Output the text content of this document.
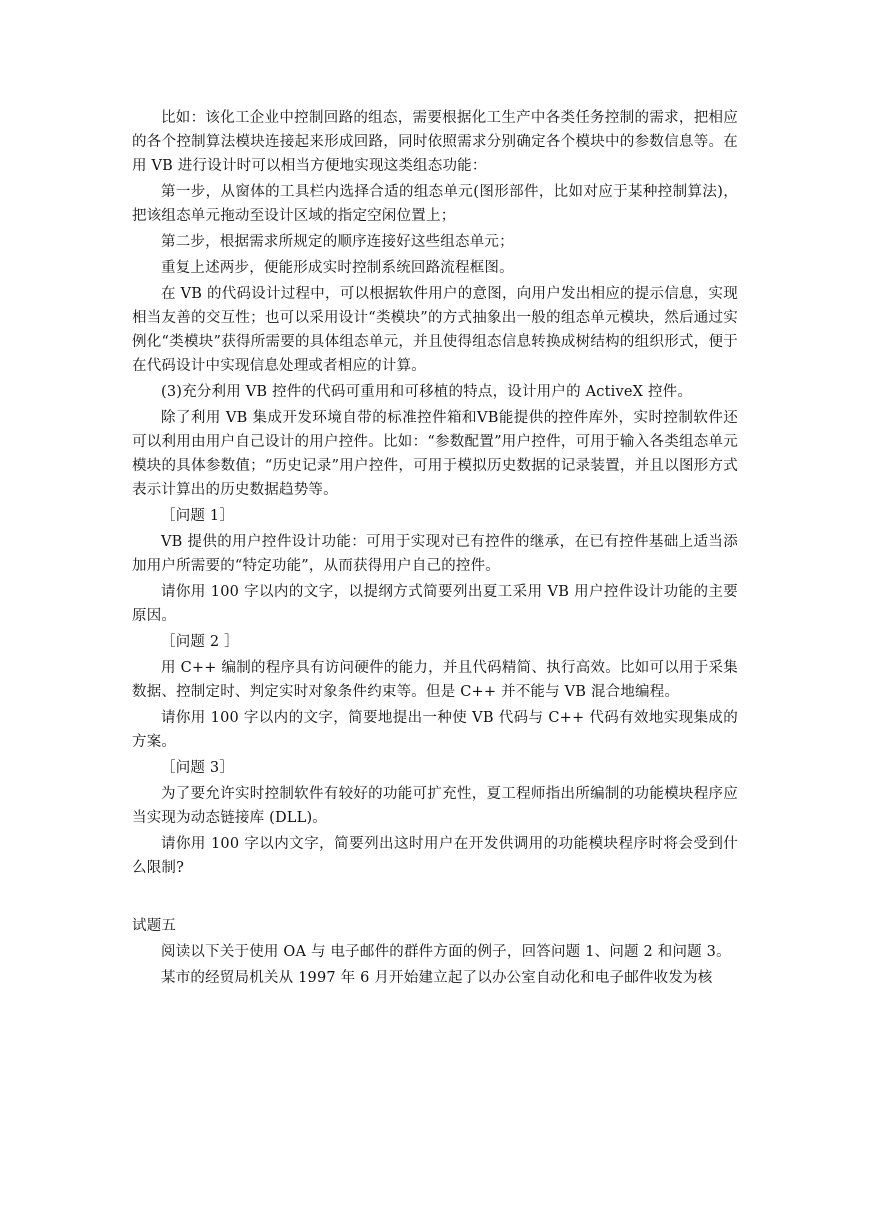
比如：该化工企业中控制回路的组态，需要根据化工生产中各类任务控制的需求，把相应的各个控制算法模块连接起来形成回路，同时依照需求分别确定各个模块中的参数信息等。在用 VB 进行设计时可以相当方便地实现这类组态功能：

第一步，从窗体的工具栏内选择合适的组态单元(图形部件，比如对应于某种控制算法)，把该组态单元拖动至设计区域的指定空闲位置上；

第二步，根据需求所规定的顺序连接好这些组态单元；

重复上述两步，便能形成实时控制系统回路流程框图。

在 VB 的代码设计过程中，可以根据软件用户的意图，向用户发出相应的提示信息，实现相当友善的交互性；也可以采用设计“类模块”的方式抽象出一般的组态单元模块，然后通过实例化“类模块”获得所需要的具体组态单元，并且使得组态信息转换成树结构的组织形式，便于在代码设计中实现信息处理或者相应的计算。

(3)充分利用 VB 控件的代码可重用和可移植的特点，设计用户的 ActiveX 控件。

除了利用 VB 集成开发环境自带的标准控件箱和VB能提供的控件库外，实时控制软件还可以利用由用户自己设计的用户控件。比如：“参数配置”用户控件，可用于输入各类组态单元模块的具体参数值；“历史记录”用户控件，可用于模拟历史数据的记录装置，并且以图形方式表示计算出的历史数据趋势等。

［问题 1］

VB 提供的用户控件设计功能：可用于实现对已有控件的继承，在已有控件基础上适当添加用户所需要的“特定功能”，从而获得用户自己的控件。

请你用 100 字以内的文字，以提纲方式简要列出夏工采用 VB 用户控件设计功能的主要原因。

［问题 2 ］

用 C++ 编制的程序具有访问硬件的能力，并且代码精简、执行高效。比如可以用于采集数据、控制定时、判定实时对象条件约束等。但是 C++ 并不能与 VB 混合地编程。

请你用 100 字以内的文字，简要地提出一种使 VB 代码与 C++ 代码有效地实现集成的方案。

［问题 3］

为了要允许实时控制软件有较好的功能可扩充性，夏工程师指出所编制的功能模块程序应当实现为动态链接库 (DLL)。

请你用 100 字以内文字，简要列出这时用户在开发供调用的功能模块程序时将会受到什么限制?

试题五

阅读以下关于使用 OA 与 电子邮件的群件方面的例子，回答问题 1、问题 2 和问题 3。

某市的经贸局机关从 1997 年 6 月开始建立起了以办公室自动化和电子邮件收发为核
